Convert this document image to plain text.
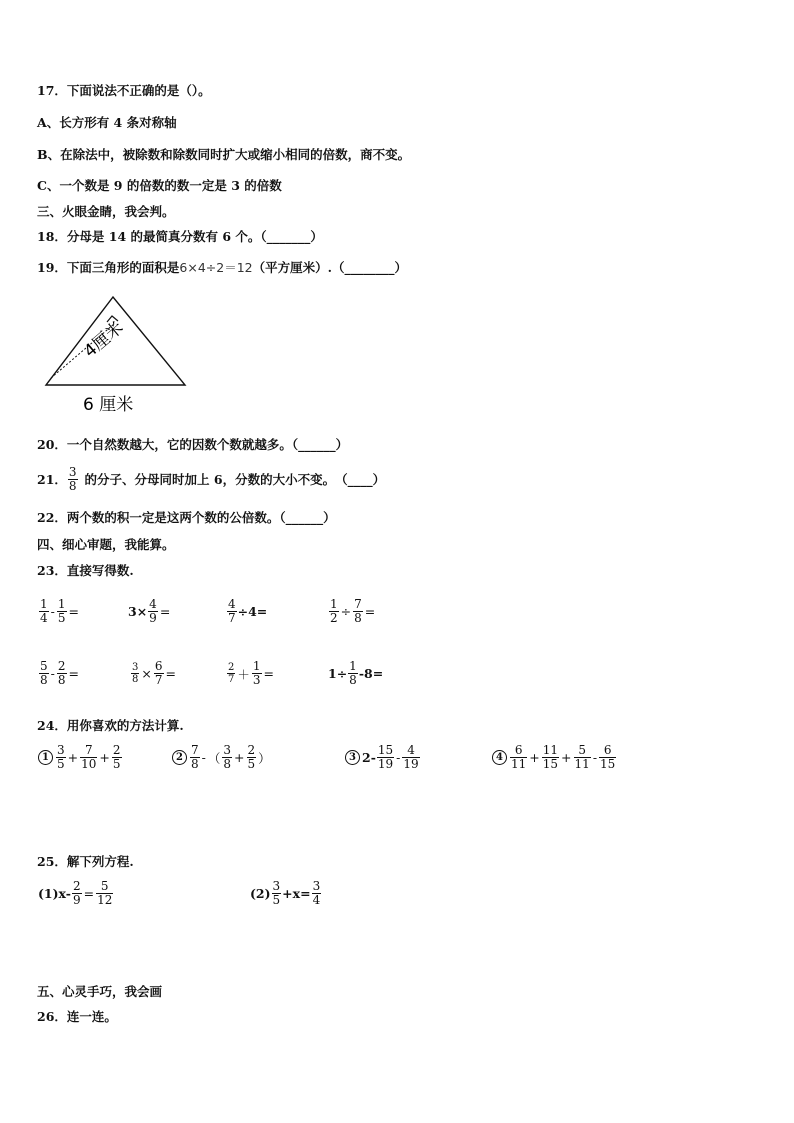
17．下面说法不正确的是（）。
A、长方形有 4 条对称轴
B、在除法中，被除数和除数同时扩大或缩小相同的倍数，商不变。
C、一个数是 9 的倍数的数一定是 3 的倍数
三、火眼金睛，我会判。
18．分母是 14 的最简真分数有 6 个。（_______）
19．下面三角形的面积是6×4÷2＝12（平方厘米）.（________）
4厘米
6 厘米
20．一个自然数越大，它的因数个数就越多。（______）
21． $\frac{3}{8}$ 的分子、分母同时加上 6，分数的大小不变。　（____）
22．两个数的积一定是这两个数的公倍数。（______）
四、细心审题，我能算。
23．直接写得数.
$\frac{1}{4} - \frac{1}{5}$ =	$3\times \frac{4}{9}$ =	$\frac{4}{7} \div 4=$	$\frac{1}{2} \div \frac{7}{8}$ =
$\frac{5}{8} - \frac{2}{8}$ =	$\frac{3}{8} \times \frac{6}{7}$ =	$\frac{2}{7} + \frac{1}{3}$ =	$1\div \frac{1}{8} -8=$
24．用你喜欢的方法计算.
$1 \frac{3}{5} + \frac{7}{10} + \frac{2}{5}$	$2 \frac{7}{8}$ - （ $\frac{3}{8} + \frac{2}{5}$ ）	3 $2- \frac{15}{19} - \frac{4}{19}$	$4 \frac{6}{11} + \frac{11}{15} + \frac{5}{11} - \frac{6}{15}$
25．解下列方程.
$(1)x- \frac{2}{9} = \frac{5}{12}$	$(2) \frac{3}{5} +x= \frac{3}{4}$
五、心灵手巧，我会画
26．连一连。
